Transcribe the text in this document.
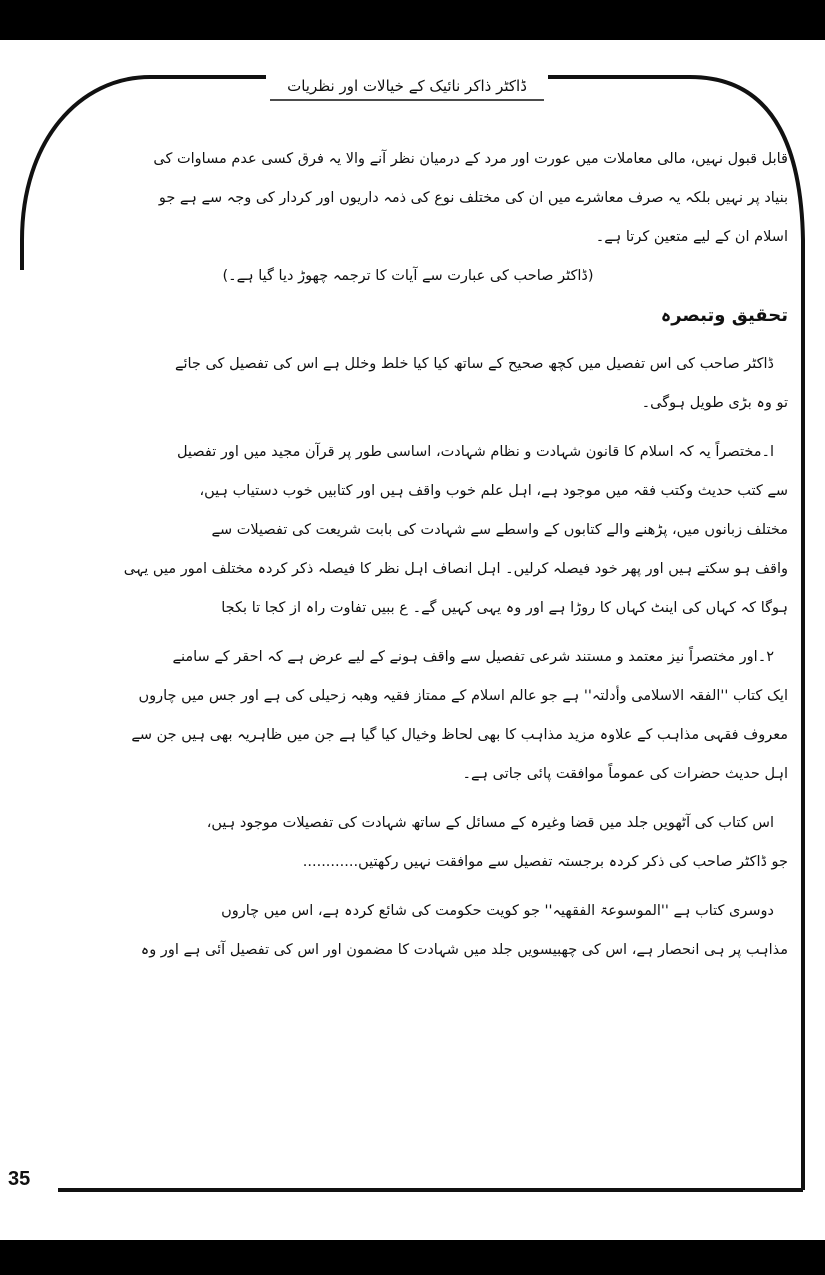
ڈاکٹر ذاکر نائیک کے خیالات اور نظریات
قابل قبول نہیں، مالی معاملات میں عورت اور مرد کے درمیان نظر آنے والا یہ فرق کسی عدم مساوات کی
بنیاد پر نہیں بلکہ یہ صرف معاشرے میں ان کی مختلف نوع کی ذمہ داریوں اور کردار کی وجہ سے ہے جو
اسلام ان کے لیے متعین کرتا ہے۔
(ڈاکٹر صاحب کی عبارت سے آیات کا ترجمہ چھوڑ دیا گیا ہے۔)
تحقیق وتبصرہ
ڈاکٹر صاحب کی اس تفصیل میں کچھ صحیح کے ساتھ کیا کیا خلط وخلل ہے اس کی تفصیل کی جائے
تو وہ بڑی طویل ہوگی۔
ا۔مختصراً یہ کہ اسلام کا قانون شہادت و نظام شہادت، اساسی طور پر قرآن مجید میں اور تفصیل
سے کتب حدیث وکتب فقہ میں موجود ہے، اہل علم خوب واقف ہیں اور کتابیں خوب دستیاب ہیں،
مختلف زبانوں میں، پڑھنے والے کتابوں کے واسطے سے شہادت کی بابت شریعت کی تفصیلات سے
واقف ہو سکتے ہیں اور پھر خود فیصلہ کرلیں۔ اہل انصاف اہل نظر کا فیصلہ ذکر کردہ مختلف امور میں یہی
ہوگا کہ کہاں کی اینٹ کہاں کا روڑا ہے اور وہ یہی کہیں گے۔ ع ببیں تفاوت راہ از کجا تا بکجا
۲۔اور مختصراً نیز معتمد و مستند شرعی تفصیل سے واقف ہونے کے لیے عرض ہے کہ احقر کے سامنے
ایک کتاب ''الفقہ الاسلامی وأدلتہ'' ہے جو عالم اسلام کے ممتاز فقیہ وھبہ زحیلی کی ہے اور جس میں چاروں
معروف فقہی مذاہب کے علاوہ مزید مذاہب کا بھی لحاظ وخیال کیا گیا ہے جن میں ظاہریہ بھی ہیں جن سے
اہل حدیث حضرات کی عموماً موافقت پائی جاتی ہے۔
اس کتاب کی آٹھویں جلد میں قضا وغیرہ کے مسائل کے ساتھ شہادت کی تفصیلات موجود ہیں،
جو ڈاکٹر صاحب کی ذکر کردہ برجستہ تفصیل سے موافقت نہیں رکھتیں............
دوسری کتاب ہے ''الموسوعۃ الفقھیہ'' جو کویت حکومت کی شائع کردہ ہے، اس میں چاروں
مذاہب پر ہی انحصار ہے، اس کی چھبیسویں جلد میں شہادت کا مضمون اور اس کی تفصیل آئی ہے اور وہ
35
